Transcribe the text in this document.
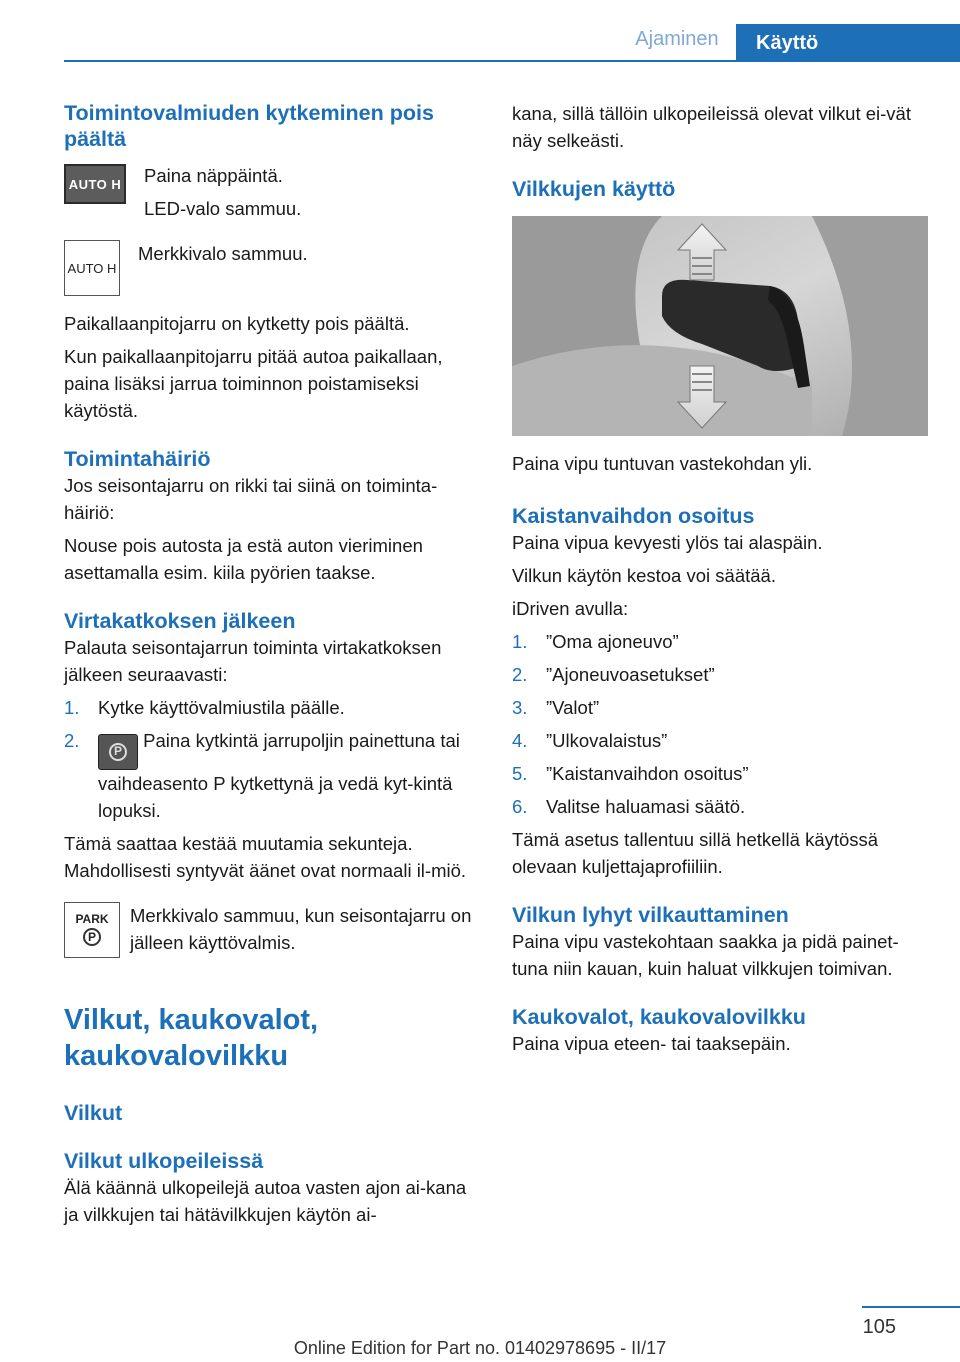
Ajaminen	Käyttö
Toimintovalmiuden kytkeminen pois päältä
AUTO H Paina näppäintä.

LED-valo sammuu.

AUTO H

Merkkivalo sammuu.

Paikallaanpitojarru on kytketty pois päältä.

Kun paikallaanpitojarru pitää autoa paikallaan, paina lisäksi jarrua toiminnon poistamiseksi käytöstä.

Toimintahäiriö

Jos seisontajarru on rikki tai siinä on toiminta-häiriö:

Nouse pois autosta ja estä auton vieriminen asettamalla esim. kiila pyörien taakse.

Virtakatkoksen jälkeen

Palauta seisontajarrun toiminta virtakatkoksen jälkeen seuraavasti:

1.	Kytke käyttövalmiustila päälle.
2.	P Paina kytkintä jarrupoljin painettuna tai vaihdeasento P kytkettynä ja vedä kyt-kintä lopuksi.

Tämä saattaa kestää muutamia sekunteja. Mahdollisesti syntyvät äänet ovat normaali il-miö.

PARK
P

Merkkivalo sammuu, kun seisontajarru on jälleen käyttövalmis.

Vilkut, kaukovalot, kaukovalovilkku
Vilkut
Vilkut ulkopeileissä

Älä käännä ulkopeilejä autoa vasten ajon ai-kana ja vilkkujen tai hätävilkkujen käytön ai-

kana, sillä tällöin ulkopeileissä olevat vilkut ei-vät näy selkeästi.

Vilkkujen käyttö

Paina vipu tuntuvan vastekohdan yli.

Kaistanvaihdon osoitus

Paina vipua kevyesti ylös tai alaspäin.

Vilkun käytön kestoa voi säätää.

iDriven avulla:

1.	”Oma ajoneuvo”
2.	”Ajoneuvoasetukset”
3.	”Valot”
4.	”Ulkovalaistus”
5.	”Kaistanvaihdon osoitus”
6.	Valitse haluamasi säätö.

Tämä asetus tallentuu sillä hetkellä käytössä olevaan kuljettajaprofiiliin.

Vilkun lyhyt vilkauttaminen

Paina vipu vastekohtaan saakka ja pidä painet-tuna niin kauan, kuin haluat vilkkujen toimivan.

Kaukovalot, kaukovalovilkku

Paina vipua eteen- tai taaksepäin.

105
Online Edition for Part no. 01402978695 - II/17
